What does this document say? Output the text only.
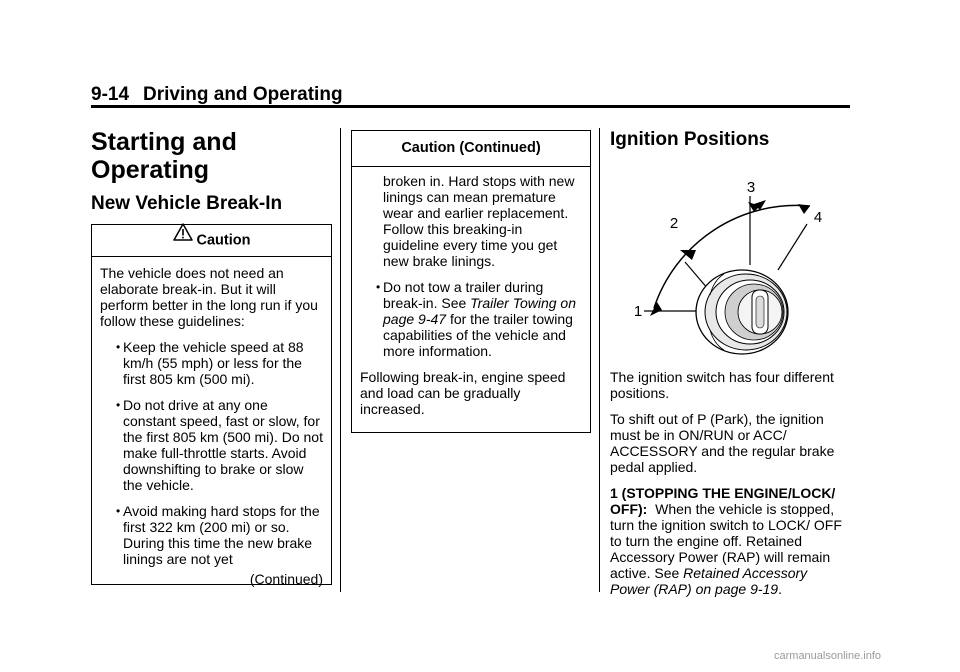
9-14 Driving and Operating
Starting and Operating
New Vehicle Break-In
Caution

The vehicle does not need an elaborate break-in. But it will perform better in the long run if you follow these guidelines:

• Keep the vehicle speed at 88 km/h (55 mph) or less for the first 805 km (500 mi).
• Do not drive at any one constant speed, fast or slow, for the first 805 km (500 mi). Do not make full-throttle starts. Avoid downshifting to brake or slow the vehicle.
• Avoid making hard stops for the first 322 km (200 mi) or so. During this time the new brake linings are not yet
(Continued)
Caution (Continued)
broken in. Hard stops with new linings can mean premature wear and earlier replacement. Follow this breaking-in guideline every time you get new brake linings.
• Do not tow a trailer during break-in. See Trailer Towing on page 9-47 for the trailer towing capabilities of the vehicle and more information.

Following break-in, engine speed and load can be gradually increased.

Ignition Positions
1
2
3
4

The ignition switch has four different positions.

To shift out of P (Park), the ignition must be in ON/RUN or ACC/ ACCESSORY and the regular brake pedal applied.

1 (STOPPING THE ENGINE/LOCK/ OFF):  When the vehicle is stopped, turn the ignition switch to LOCK/ OFF to turn the engine off. Retained Accessory Power (RAP) will remain active. See Retained Accessory Power (RAP) on page 9-19.

carmanualsonline.info
